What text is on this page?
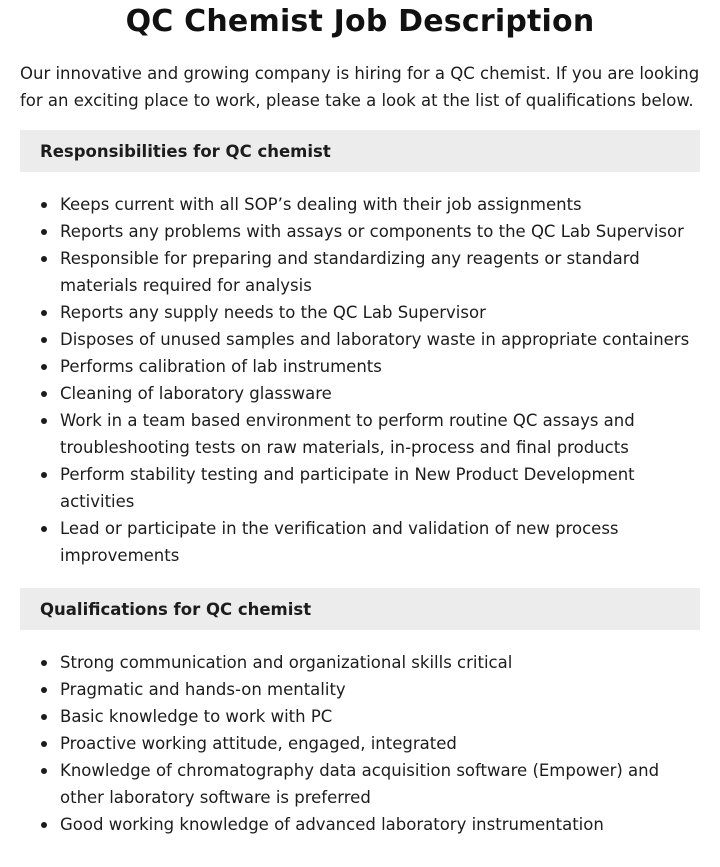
QC Chemist Job Description

Our innovative and growing company is hiring for a QC chemist. If you are looking for an exciting place to work, please take a look at the list of qualifications below.

Responsibilities for QC chemist
Keeps current with all SOP’s dealing with their job assignments
Reports any problems with assays or components to the QC Lab Supervisor
Responsible for preparing and standardizing any reagents or standard materials required for analysis
Reports any supply needs to the QC Lab Supervisor
Disposes of unused samples and laboratory waste in appropriate containers
Performs calibration of lab instruments
Cleaning of laboratory glassware
Work in a team based environment to perform routine QC assays and troubleshooting tests on raw materials, in-process and final products
Perform stability testing and participate in New Product Development activities
Lead or participate in the verification and validation of new process improvements
Qualifications for QC chemist
Strong communication and organizational skills critical
Pragmatic and hands-on mentality
Basic knowledge to work with PC
Proactive working attitude, engaged, integrated
Knowledge of chromatography data acquisition software (Empower) and other laboratory software is preferred
Good working knowledge of advanced laboratory instrumentation
